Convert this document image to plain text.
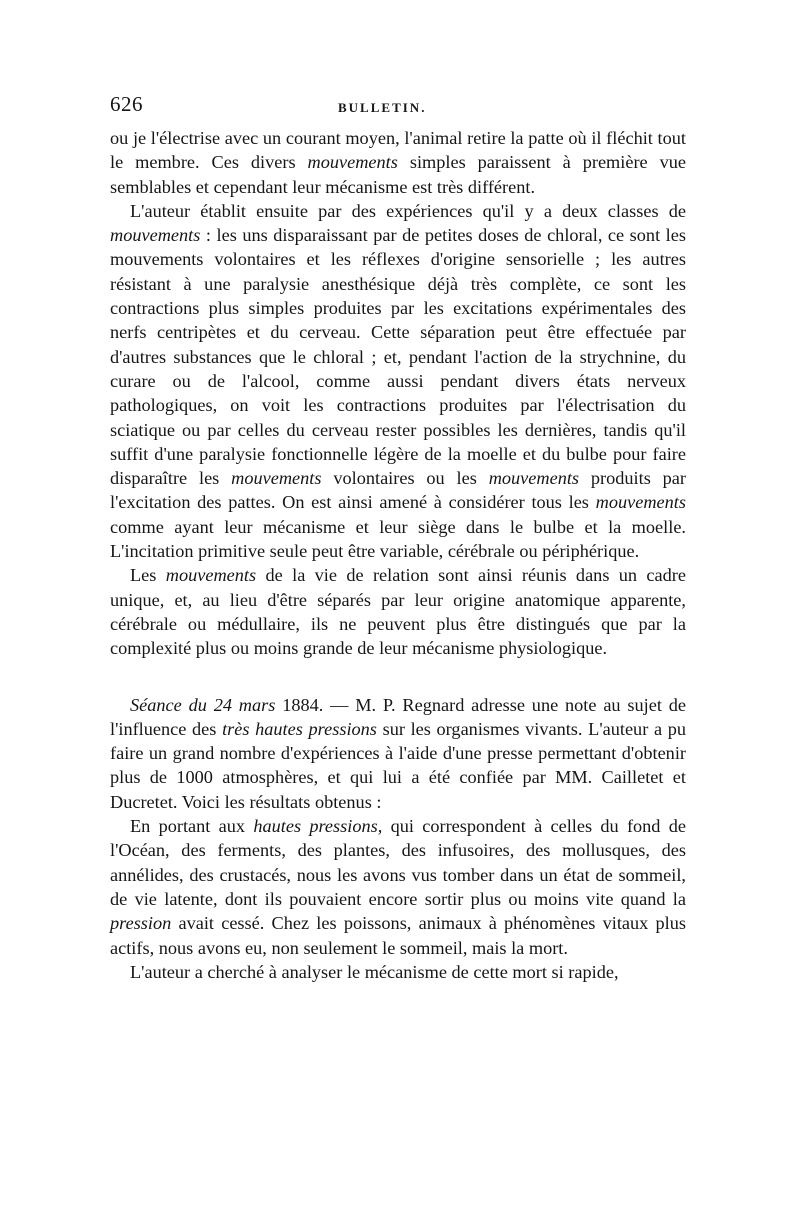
626	BULLETIN.

ou je l'électrise avec un courant moyen, l'animal retire la patte où il fléchit tout le membre. Ces divers mouvements simples paraissent à première vue semblables et cependant leur mécanisme est très différent.

L'auteur établit ensuite par des expériences qu'il y a deux classes de mouvements : les uns disparaissant par de petites doses de chloral, ce sont les mouvements volontaires et les réflexes d'origine sensorielle ; les autres résistant à une paralysie anesthésique déjà très complète, ce sont les contractions plus simples produites par les excitations expérimentales des nerfs centripètes et du cerveau. Cette séparation peut être effectuée par d'autres substances que le chloral ; et, pendant l'action de la strychnine, du curare ou de l'alcool, comme aussi pendant divers états nerveux pathologiques, on voit les contractions produites par l'électrisation du sciatique ou par celles du cerveau rester possibles les dernières, tandis qu'il suffit d'une paralysie fonctionnelle légère de la moelle et du bulbe pour faire disparaître les mouvements volontaires ou les mouvements produits par l'excitation des pattes. On est ainsi amené à considérer tous les mouvements comme ayant leur mécanisme et leur siège dans le bulbe et la moelle. L'incitation primitive seule peut être variable, cérébrale ou périphérique.

Les mouvements de la vie de relation sont ainsi réunis dans un cadre unique, et, au lieu d'être séparés par leur origine anatomique apparente, cérébrale ou médullaire, ils ne peuvent plus être distingués que par la complexité plus ou moins grande de leur mécanisme physiologique.

Séance du 24 mars 1884. — M. P. Regnard adresse une note au sujet de l'influence des très hautes pressions sur les organismes vivants. L'auteur a pu faire un grand nombre d'expériences à l'aide d'une presse permettant d'obtenir plus de 1000 atmosphères, et qui lui a été confiée par MM. Cailletet et Ducretet. Voici les résultats obtenus :

En portant aux hautes pressions, qui correspondent à celles du fond de l'Océan, des ferments, des plantes, des infusoires, des mollusques, des annélides, des crustacés, nous les avons vus tomber dans un état de sommeil, de vie latente, dont ils pouvaient encore sortir plus ou moins vite quand la pression avait cessé. Chez les poissons, animaux à phénomènes vitaux plus actifs, nous avons eu, non seulement le sommeil, mais la mort.

L'auteur a cherché à analyser le mécanisme de cette mort si rapide,
